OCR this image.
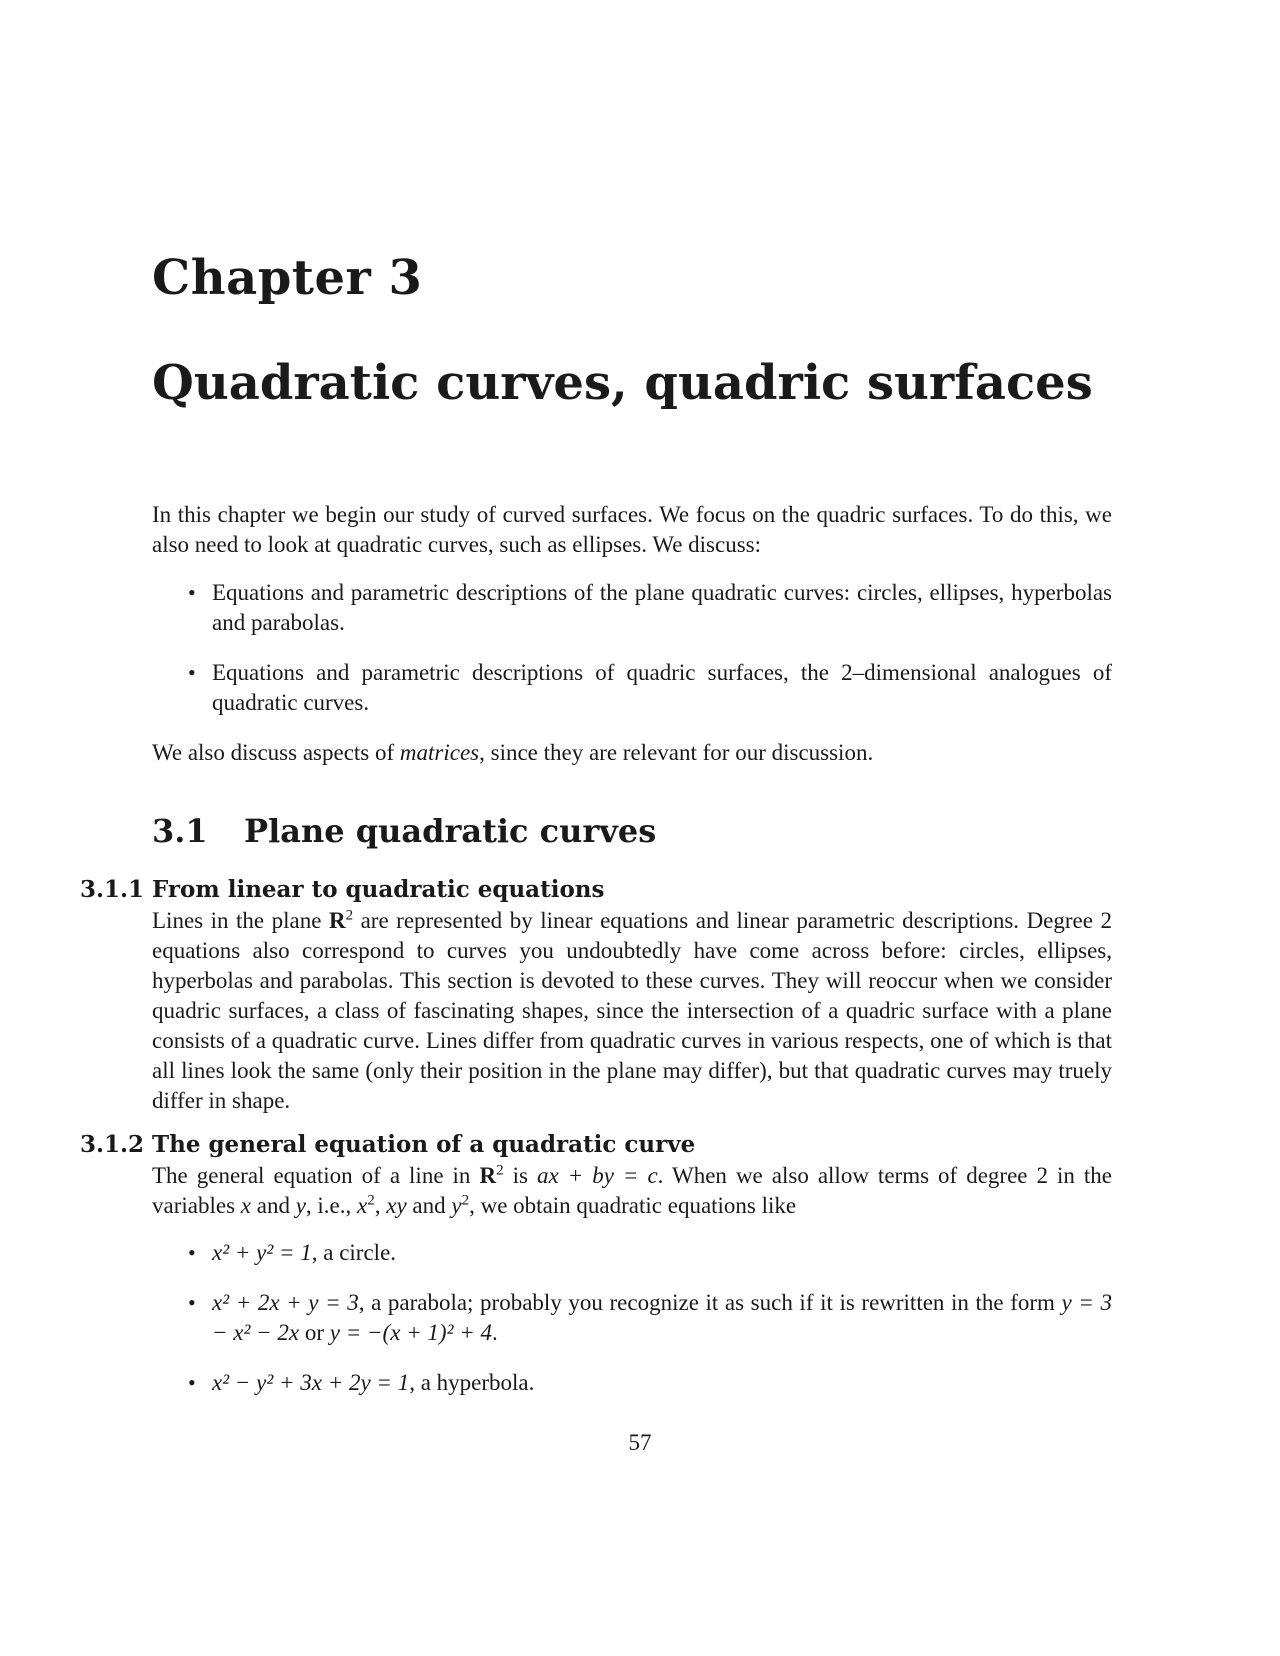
Chapter 3
Quadratic curves, quadric surfaces

In this chapter we begin our study of curved surfaces. We focus on the quadric surfaces. To do this, we also need to look at quadratic curves, such as ellipses. We discuss:

• Equations and parametric descriptions of the plane quadratic curves: circles, ellipses, hyperbolas and parabolas.
• Equations and parametric descriptions of quadric surfaces, the 2–dimensional analogues of quadratic curves.

We also discuss aspects of matrices, since they are relevant for our discussion.

3.1 Plane quadratic curves
3.1.1 From linear to quadratic equations

Lines in the plane $R^2$ are represented by linear equations and linear parametric descriptions. Degree 2 equations also correspond to curves you undoubtedly have come across before: circles, ellipses, hyperbolas and parabolas. This section is devoted to these curves. They will reoccur when we consider quadric surfaces, a class of fascinating shapes, since the intersection of a quadric surface with a plane consists of a quadratic curve. Lines differ from quadratic curves in various respects, one of which is that all lines look the same (only their position in the plane may differ), but that quadratic curves may truely differ in shape.

3.1.2 The general equation of a quadratic curve

The general equation of a line in $R^2$ is ax + by = c. When we also allow terms of degree 2 in the variables x and y, i.e., $x^2$, xy and $y^2$, we obtain quadratic equations like

• x² + y² = 1, a circle.
• x² + 2x + y = 3, a parabola; probably you recognize it as such if it is rewritten in the form y = 3 − x² − 2x or y = −(x + 1)² + 4.
• x² − y² + 3x + 2y = 1, a hyperbola.

57
